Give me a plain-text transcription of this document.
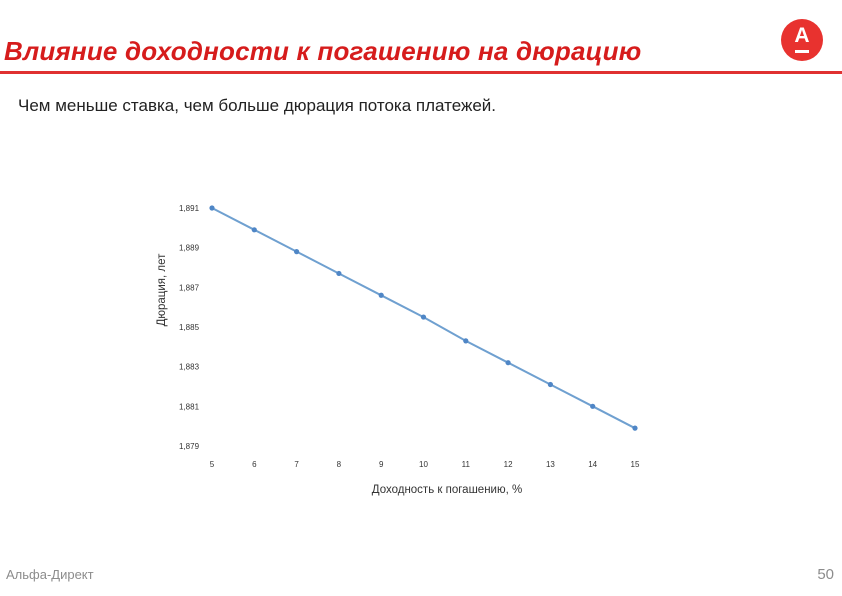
Влияние доходности к погашению на дюрацию
А
Чем меньше ставка, чем больше дюрация потока платежей.
1,891
1,889
1,887
1,885
1,883
1,881
1,879
5	6	7	8	9	10	11	12	13	14	15
Доходность к погашению, %
Дюрация, лет
Альфа-Директ	50
